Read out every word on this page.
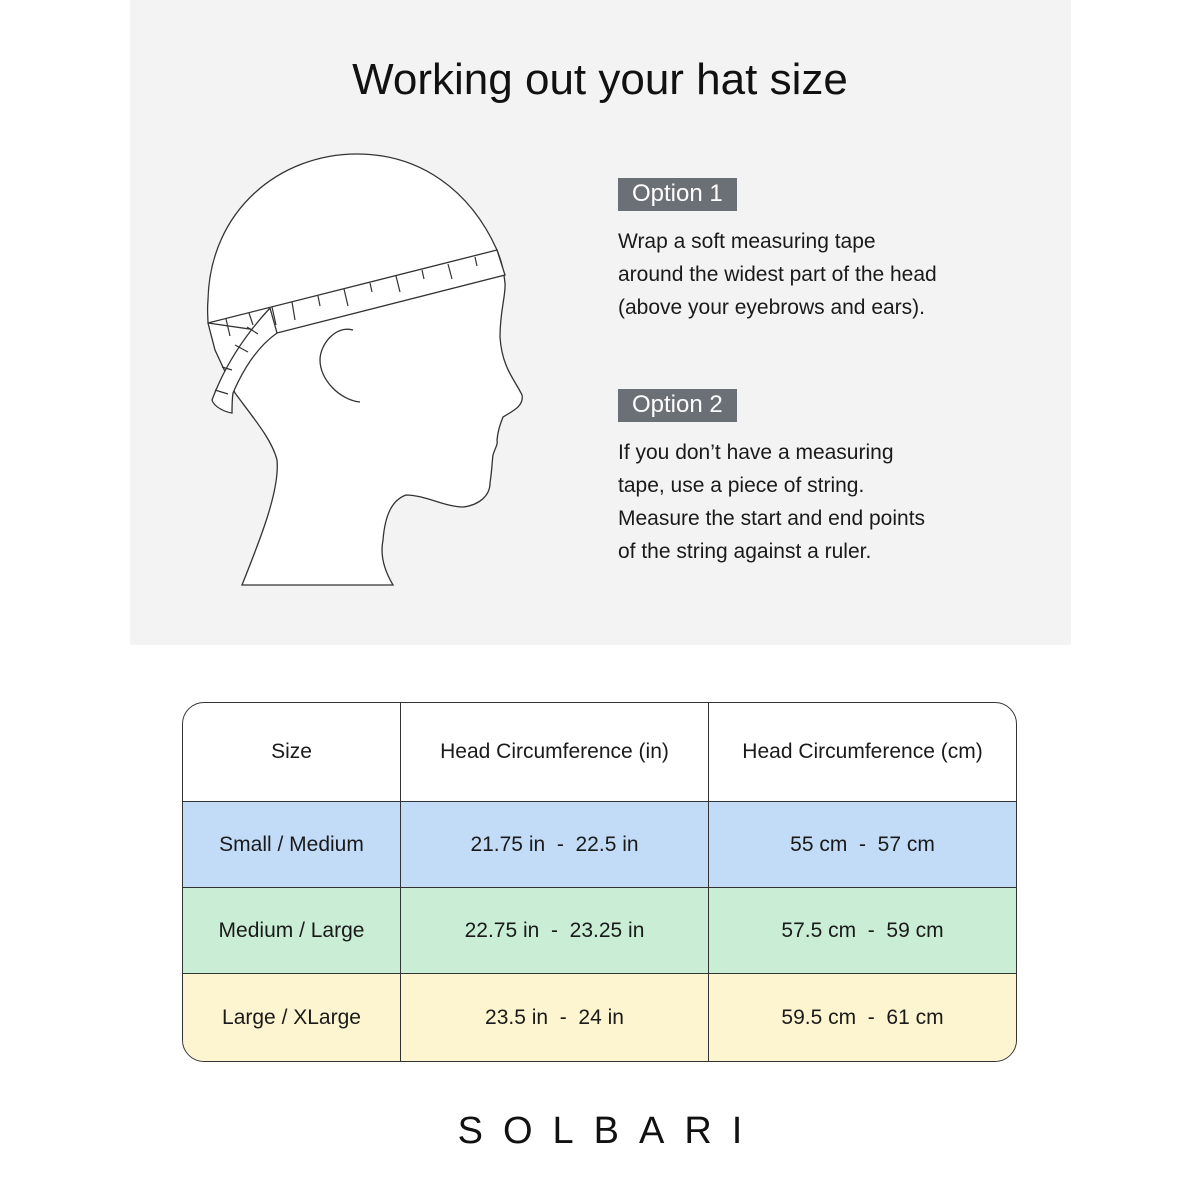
Working out your hat size
Option 1
Wrap a soft measuring tape
around the widest part of the head
(above your eyebrows and ears).
Option 2
If you don’t have a measuring
tape, use a piece of string.
Measure the start and end points
of the string against a ruler.
Size	Head Circumference (in)	Head Circumference (cm)
Small / Medium	21.75 in  -  22.5 in	55 cm  -  57 cm
Medium / Large	22.75 in  -  23.25 in	57.5 cm  -  59 cm
Large / XLarge	23.5 in  -  24 in	59.5 cm  -  61 cm
SOLBARI
